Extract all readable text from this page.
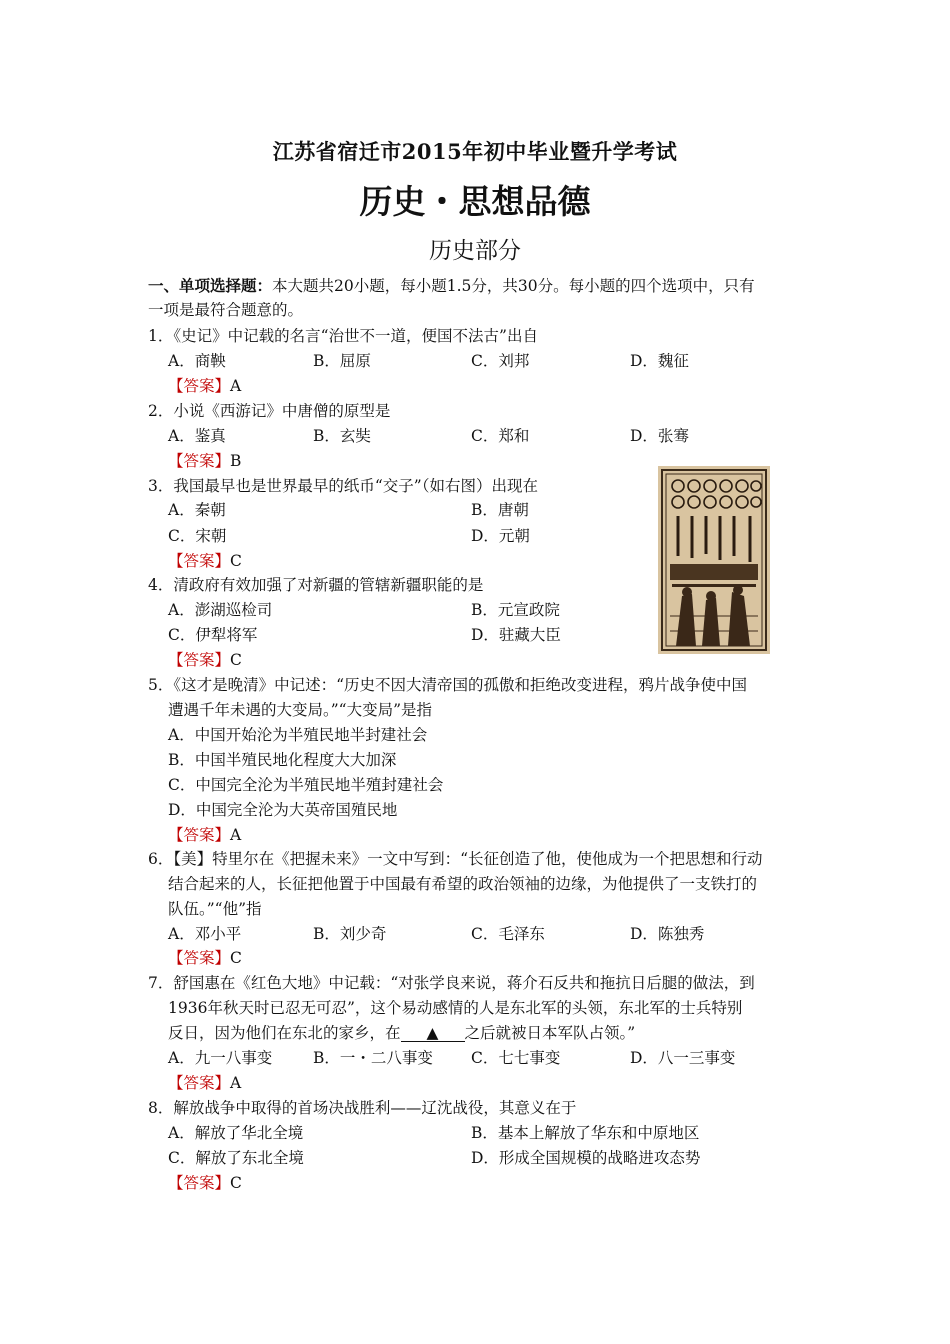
江苏省宿迁市2015年初中毕业暨升学考试
历史・思想品德
历史部分
一、单项选择题：本大题共20小题，每小题1.5分，共30分。每小题的四个选项中，只有
一项是最符合题意的。
1．《史记》中记载的名言“治世不一道，便国不法古”出自
A．商鞅	B．屈原	C．刘邦	D．魏征
【答案】A
2．小说《西游记》中唐僧的原型是
A．鉴真	B．玄奘	C．郑和	D．张骞
【答案】B
3．我国最早也是世界最早的纸币“交子”（如右图）出现在
A．秦朝	B．唐朝
C．宋朝	D．元朝
【答案】C
4．清政府有效加强了对新疆的管辖新疆职能的是
A．澎湖巡检司	B．元宣政院
C．伊犁将军	D．驻藏大臣
【答案】C
5．《这才是晚清》中记述：“历史不因大清帝国的孤傲和拒绝改变进程，鸦片战争使中国
遭遇千年未遇的大变局。”“大变局”是指
A．中国开始沦为半殖民地半封建社会
B．中国半殖民地化程度大大加深
C．中国完全沦为半殖民地半殖封建社会
D．中国完全沦为大英帝国殖民地
【答案】A
6．【美】特里尔在《把握未来》一文中写到：“长征创造了他，使他成为一个把思想和行动
结合起来的人，长征把他置于中国最有希望的政治领袖的边缘，为他提供了一支铁打的
队伍。”“他”指
A．邓小平	B．刘少奇	C．毛泽东	D．陈独秀
【答案】C
7．舒国惠在《红色大地》中记载：“对张学良来说，蒋介石反共和拖抗日后腿的做法，到
1936年秋天时已忍无可忍”，这个易动感情的人是东北军的头领，东北军的士兵特别
反日，因为他们在东北的家乡，在 ▲ 之后就被日本军队占领。”
A．九一八事变	B．一・二八事变 C．七七事变	D．八一三事变
【答案】A
8．解放战争中取得的首场决战胜利——辽沈战役，其意义在于
A．解放了华北全境	B．基本上解放了华东和中原地区
C．解放了东北全境	D．形成全国规模的战略进攻态势
【答案】C
